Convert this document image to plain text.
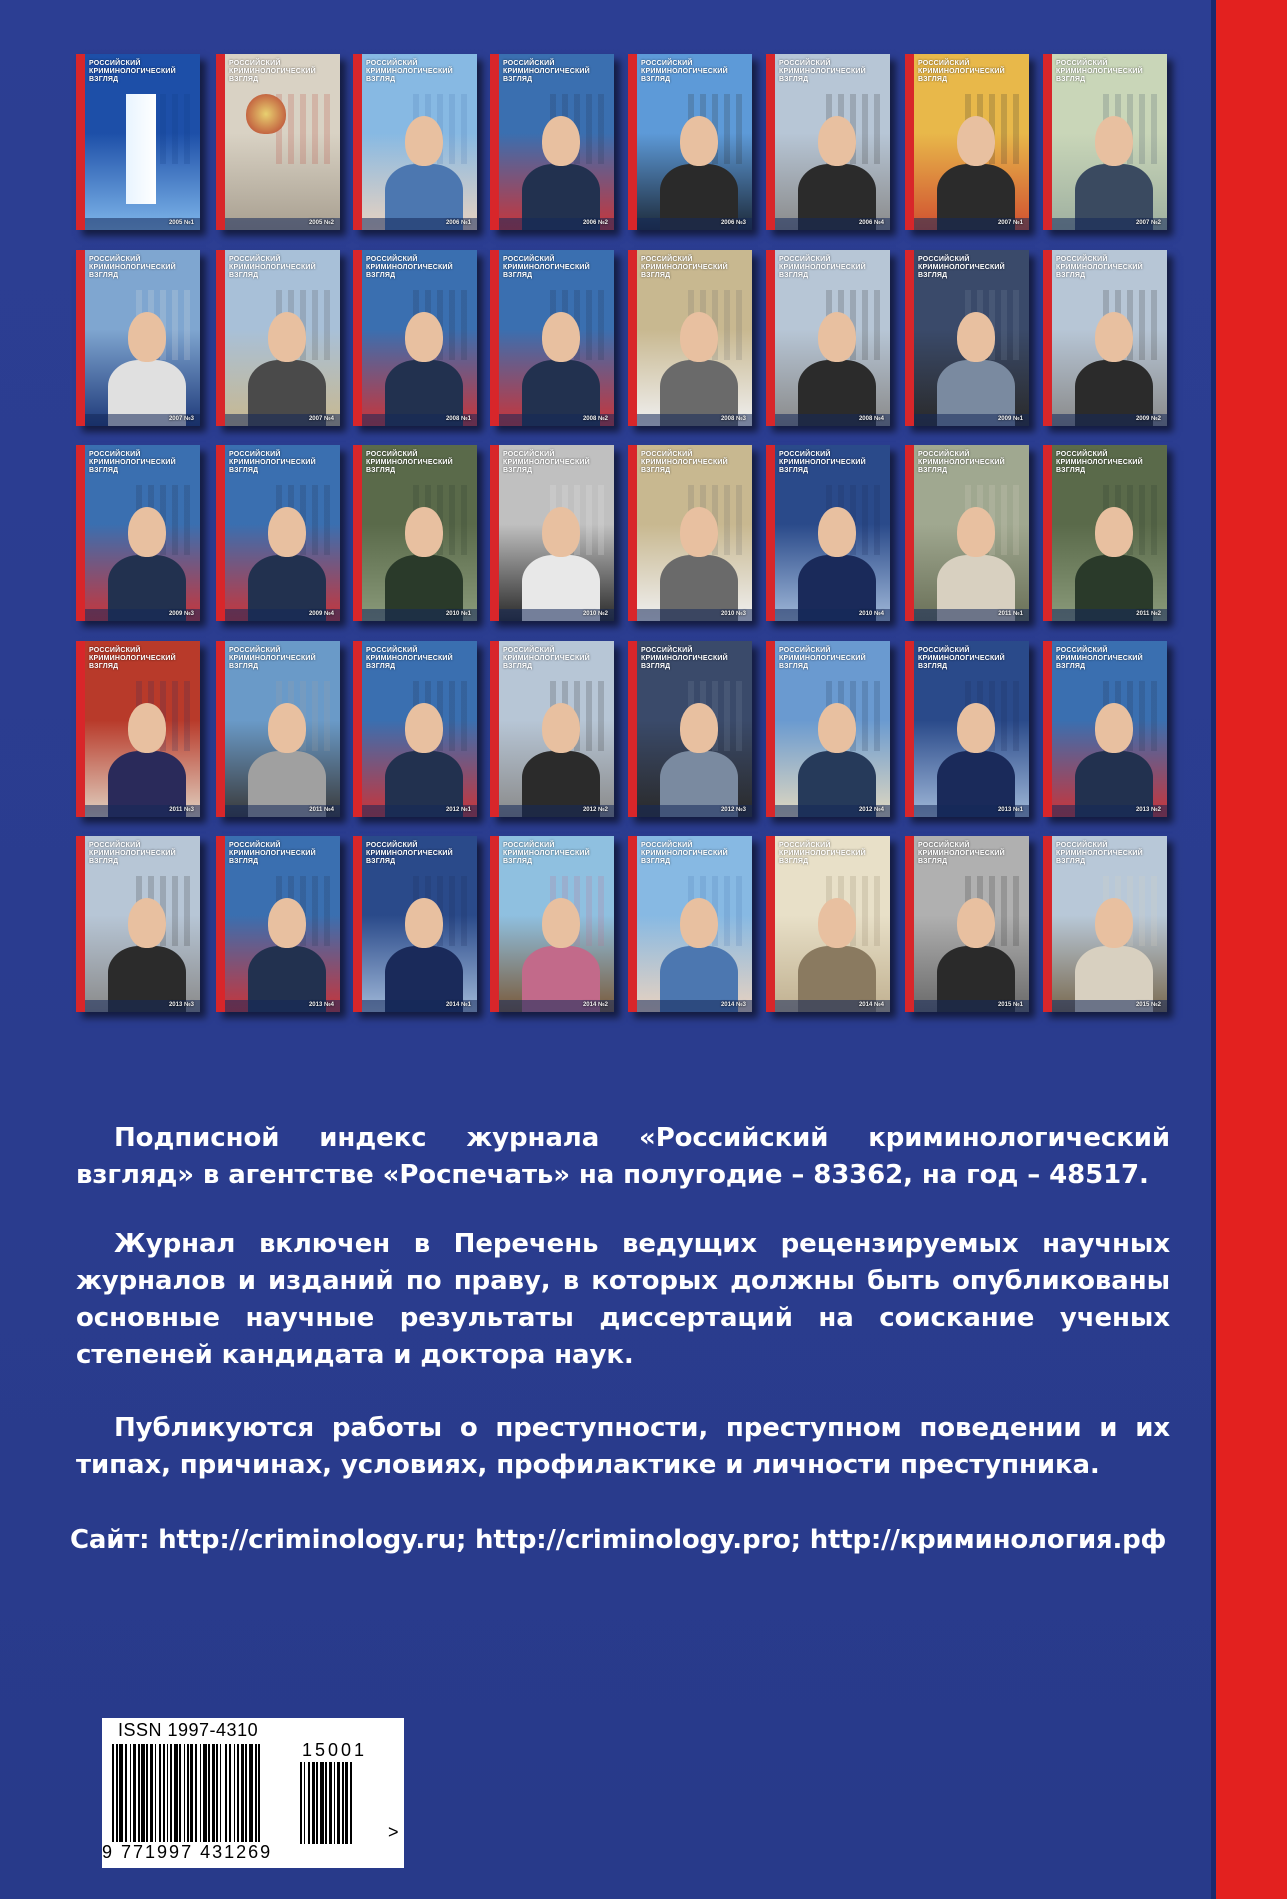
РОССИЙСКИЙ КРИМИНОЛОГИЧЕСКИЙ ВЗГЛЯД
2005 №1
РОССИЙСКИЙ КРИМИНОЛОГИЧЕСКИЙ ВЗГЛЯД
2005 №2
РОССИЙСКИЙ КРИМИНОЛОГИЧЕСКИЙ ВЗГЛЯД
2006 №1
РОССИЙСКИЙ КРИМИНОЛОГИЧЕСКИЙ ВЗГЛЯД
2006 №2
РОССИЙСКИЙ КРИМИНОЛОГИЧЕСКИЙ ВЗГЛЯД
2006 №3
РОССИЙСКИЙ КРИМИНОЛОГИЧЕСКИЙ ВЗГЛЯД
2006 №4
РОССИЙСКИЙ КРИМИНОЛОГИЧЕСКИЙ ВЗГЛЯД
2007 №1
РОССИЙСКИЙ КРИМИНОЛОГИЧЕСКИЙ ВЗГЛЯД
2007 №2
РОССИЙСКИЙ КРИМИНОЛОГИЧЕСКИЙ ВЗГЛЯД
2007 №3
РОССИЙСКИЙ КРИМИНОЛОГИЧЕСКИЙ ВЗГЛЯД
2007 №4
РОССИЙСКИЙ КРИМИНОЛОГИЧЕСКИЙ ВЗГЛЯД
2008 №1
РОССИЙСКИЙ КРИМИНОЛОГИЧЕСКИЙ ВЗГЛЯД
2008 №2
РОССИЙСКИЙ КРИМИНОЛОГИЧЕСКИЙ ВЗГЛЯД
2008 №3
РОССИЙСКИЙ КРИМИНОЛОГИЧЕСКИЙ ВЗГЛЯД
2008 №4
РОССИЙСКИЙ КРИМИНОЛОГИЧЕСКИЙ ВЗГЛЯД
2009 №1
РОССИЙСКИЙ КРИМИНОЛОГИЧЕСКИЙ ВЗГЛЯД
2009 №2
РОССИЙСКИЙ КРИМИНОЛОГИЧЕСКИЙ ВЗГЛЯД
2009 №3
РОССИЙСКИЙ КРИМИНОЛОГИЧЕСКИЙ ВЗГЛЯД
2009 №4
РОССИЙСКИЙ КРИМИНОЛОГИЧЕСКИЙ ВЗГЛЯД
2010 №1
РОССИЙСКИЙ КРИМИНОЛОГИЧЕСКИЙ ВЗГЛЯД
2010 №2
РОССИЙСКИЙ КРИМИНОЛОГИЧЕСКИЙ ВЗГЛЯД
2010 №3
РОССИЙСКИЙ КРИМИНОЛОГИЧЕСКИЙ ВЗГЛЯД
2010 №4
РОССИЙСКИЙ КРИМИНОЛОГИЧЕСКИЙ ВЗГЛЯД
2011 №1
РОССИЙСКИЙ КРИМИНОЛОГИЧЕСКИЙ ВЗГЛЯД
2011 №2
РОССИЙСКИЙ КРИМИНОЛОГИЧЕСКИЙ ВЗГЛЯД
2011 №3
РОССИЙСКИЙ КРИМИНОЛОГИЧЕСКИЙ ВЗГЛЯД
2011 №4
РОССИЙСКИЙ КРИМИНОЛОГИЧЕСКИЙ ВЗГЛЯД
2012 №1
РОССИЙСКИЙ КРИМИНОЛОГИЧЕСКИЙ ВЗГЛЯД
2012 №2
РОССИЙСКИЙ КРИМИНОЛОГИЧЕСКИЙ ВЗГЛЯД
2012 №3
РОССИЙСКИЙ КРИМИНОЛОГИЧЕСКИЙ ВЗГЛЯД
2012 №4
РОССИЙСКИЙ КРИМИНОЛОГИЧЕСКИЙ ВЗГЛЯД
2013 №1
РОССИЙСКИЙ КРИМИНОЛОГИЧЕСКИЙ ВЗГЛЯД
2013 №2
РОССИЙСКИЙ КРИМИНОЛОГИЧЕСКИЙ ВЗГЛЯД
2013 №3
РОССИЙСКИЙ КРИМИНОЛОГИЧЕСКИЙ ВЗГЛЯД
2013 №4
РОССИЙСКИЙ КРИМИНОЛОГИЧЕСКИЙ ВЗГЛЯД
2014 №1
РОССИЙСКИЙ КРИМИНОЛОГИЧЕСКИЙ ВЗГЛЯД
2014 №2
РОССИЙСКИЙ КРИМИНОЛОГИЧЕСКИЙ ВЗГЛЯД
2014 №3
РОССИЙСКИЙ КРИМИНОЛОГИЧЕСКИЙ ВЗГЛЯД
2014 №4
РОССИЙСКИЙ КРИМИНОЛОГИЧЕСКИЙ ВЗГЛЯД
2015 №1
РОССИЙСКИЙ КРИМИНОЛОГИЧЕСКИЙ ВЗГЛЯД
2015 №2
Подписной индекс журнала «Российский криминологический взгляд» в агентстве «Роспечать» на полугодие – 83362, на год – 48517.
Журнал включен в Перечень ведущих рецензируемых научных журналов и изданий по праву, в которых должны быть опубликованы основные научные результаты диссертаций на соискание ученых степеней кандидата и доктора наук.
Публикуются работы о преступности, преступном поведении и их типах, причинах, условиях, профилактике и личности преступника.
Сайт: http://criminology.ru; http://criminology.pro; http://криминология.рф
ISSN 1997-4310
15001
9 771997 431269
>
